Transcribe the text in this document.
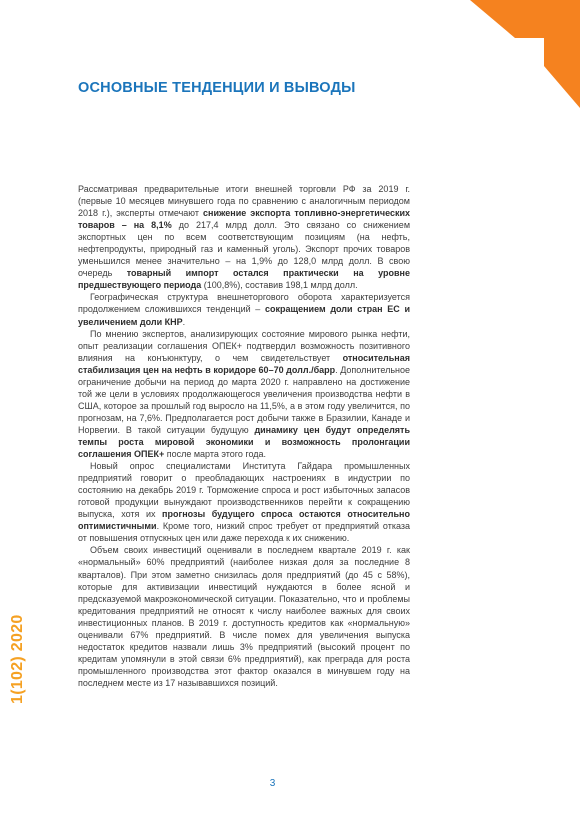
ОСНОВНЫЕ ТЕНДЕНЦИИ И ВЫВОДЫ

Рассматривая предварительные итоги внешней торговли РФ за 2019 г. (первые 10 месяцев минувшего года по сравнению с аналогичным периодом 2018 г.), эксперты отмечают снижение экспорта топливно-энергетических товаров – на 8,1% до 217,4 млрд долл. Это связано со снижением экспортных цен по всем соответствующим позициям (на нефть, нефтепродукты, природный газ и каменный уголь). Экспорт прочих товаров уменьшился менее значительно – на 1,9% до 128,0 млрд долл. В свою очередь товарный импорт остался практически на уровне предшествующего периода (100,8%), составив 198,1 млрд долл.

Географическая структура внешнеторгового оборота характеризуется продолжением сложившихся тенденций – сокращением доли стран ЕС и увеличением доли КНР.

По мнению экспертов, анализирующих состояние мирового рынка нефти, опыт реализации соглашения ОПЕК+ подтвердил возможность позитивного влияния на конъюнктуру, о чем свидетельствует относительная стабилизация цен на нефть в коридоре 60–70 долл./барр. Дополнительное ограничение добычи на период до марта 2020 г. направлено на достижение той же цели в условиях продолжающегося увеличения производства нефти в США, которое за прошлый год выросло на 11,5%, а в этом году увеличится, по прогнозам, на 7,6%. Предполагается рост добычи также в Бразилии, Канаде и Норвегии. В такой ситуации будущую динамику цен будут определять темпы роста мировой экономики и возможность пролонгации соглашения ОПЕК+ после марта этого года.

Новый опрос специалистами Института Гайдара промышленных предприятий говорит о преобладающих настроениях в индустрии по состоянию на декабрь 2019 г. Торможение спроса и рост избыточных запасов готовой продукции вынуждают производственников перейти к сокращению выпуска, хотя их прогнозы будущего спроса остаются относительно оптимистичными. Кроме того, низкий спрос требует от предприятий отказа от повышения отпускных цен или даже перехода к их снижению.

Объем своих инвестиций оценивали в последнем квартале 2019 г. как «нормальный» 60% предприятий (наиболее низкая доля за последние 8 кварталов). При этом заметно снизилась доля предприятий (до 45 с 58%), которые для активизации инвестиций нуждаются в более ясной и предсказуемой макроэкономической ситуации. Показательно, что и проблемы кредитования предприятий не относят к числу наиболее важных для своих инвестиционных планов. В 2019 г. доступность кредитов как «нормальную» оценивали 67% предприятий. В числе помех для увеличения выпуска недостаток кредитов назвали лишь 3% предприятий (высокий процент по кредитам упомянули в этой связи 6% предприятий), как преграда для роста промышленного производства этот фактор оказался в минувшем году на последнем месте из 17 называвшихся позиций.

1(102) 2020
3
